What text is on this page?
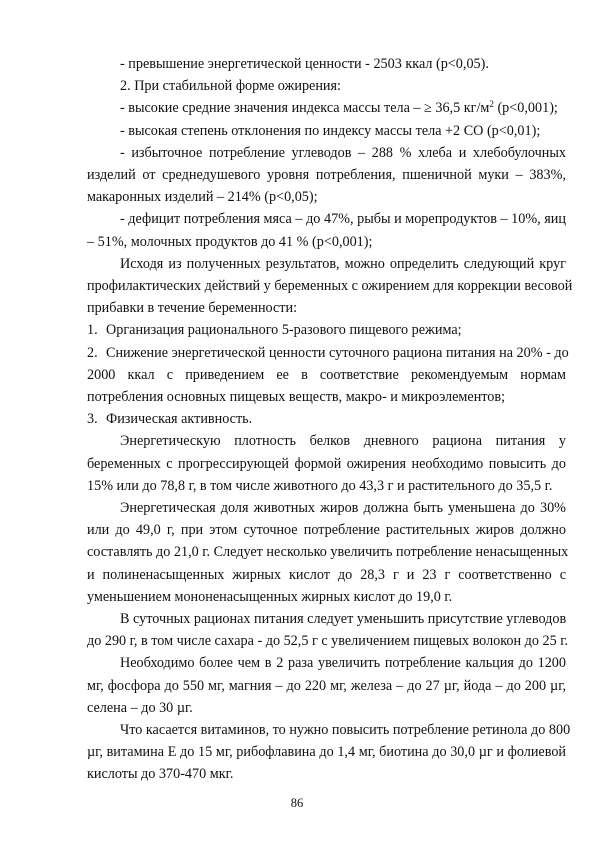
- превышение энергетической ценности - 2503 ккал (p<0,05).
2. При стабильной форме ожирения:
- высокие средние значения индекса массы тела – ≥ 36,5 $кг/м^2$ (p<0,001);
- высокая степень отклонения по индексу массы тела +2 СО (p<0,01);
- избыточное потребление углеводов – 288 % хлеба и хлебобулочных
изделий от среднедушевого уровня потребления, пшеничной муки – 383%,
макаронных изделий – 214% (p<0,05);
- дефицит потребления мяса – до 47%, рыбы и морепродуктов – 10%, яиц
– 51%, молочных продуктов до 41 % (p<0,001);
Исходя из полученных результатов, можно определить следующий круг
профилактических действий у беременных с ожирением для коррекции весовой
прибавки в течение беременности:
1. Организация рационального 5-разового пищевого режима;
2. Снижение энергетической ценности суточного рациона питания на 20% - до
2000 ккал с приведением ее в соответствие рекомендуемым нормам
потребления основных пищевых веществ, макро- и микроэлементов;
3. Физическая активность.
Энергетическую плотность белков дневного рациона питания у
беременных с прогрессирующей формой ожирения необходимо повысить до
15% или до 78,8 г, в том числе животного до 43,3 г и растительного до 35,5 г.
Энергетическая доля животных жиров должна быть уменьшена до 30%
или до 49,0 г, при этом суточное потребление растительных жиров должно
составлять до 21,0 г. Следует несколько увеличить потребление ненасыщенных
и полиненасыщенных жирных кислот до 28,3 г и 23 г соответственно с
уменьшением мононенасыщенных жирных кислот до 19,0 г.
В суточных рационах питания следует уменьшить присутствие углеводов
до 290 г, в том числе сахара - до 52,5 г с увеличением пищевых волокон до 25 г.
Необходимо более чем в 2 раза увеличить потребление кальция до 1200
мг, фосфора до 550 мг, магния – до 220 мг, железа – до 27 µг, йода – до 200 µг,
селена – до 30 µг.
Что касается витаминов, то нужно повысить потребление ретинола до 800
µг, витамина Е до 15 мг, рибофлавина до 1,4 мг, биотина до 30,0 µг и фолиевой
кислоты до 370-470 мкг.
86
